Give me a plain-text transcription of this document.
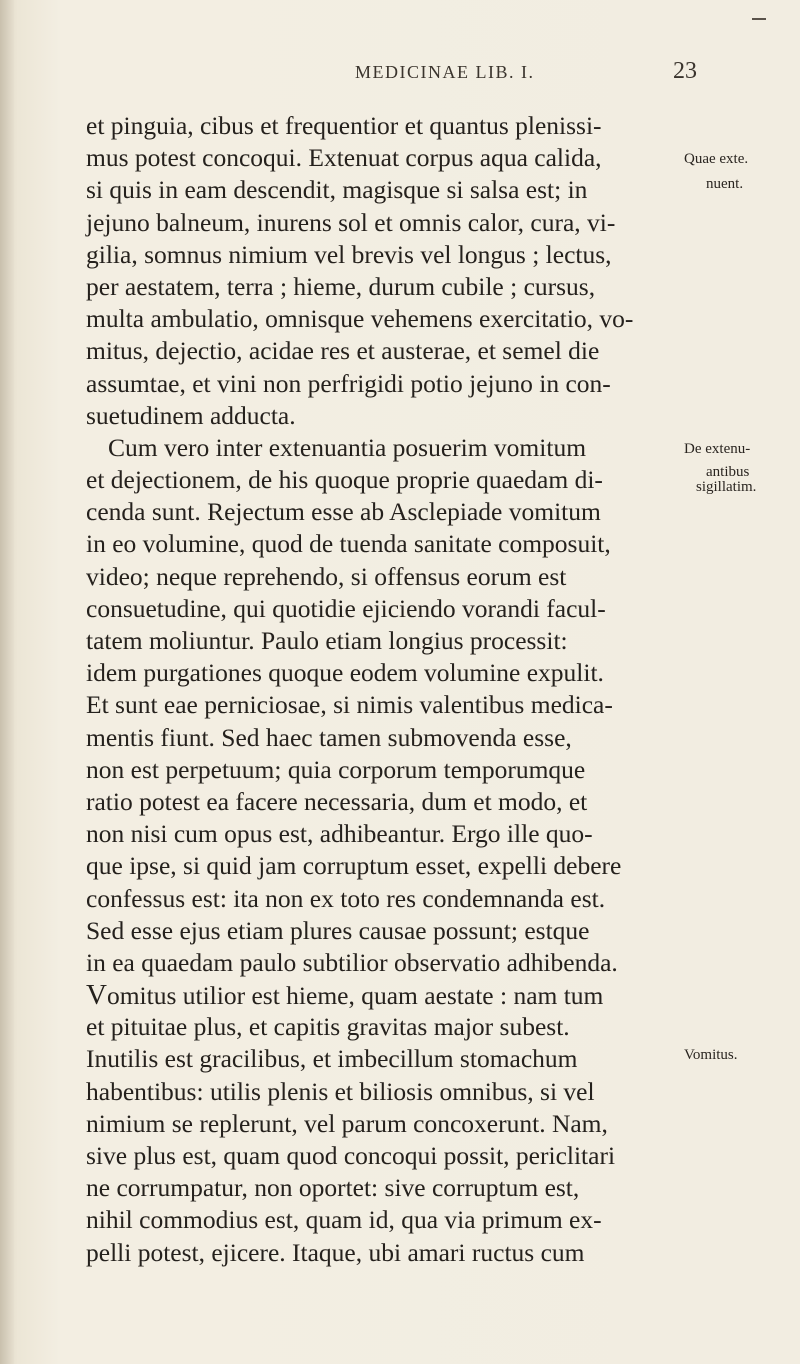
MEDICINAE LIB. I.	23
et pinguia, cibus et frequentior et quantus plenissi-
mus potest concoqui. Extenuat corpus aqua calida,
si quis in eam descendit, magisque si salsa est; in
jejuno balneum, inurens sol et omnis calor, cura, vi-
gilia, somnus nimium vel brevis vel longus ; lectus,
per aestatem, terra ; hieme, durum cubile ; cursus,
multa ambulatio, omnisque vehemens exercitatio, vo-
mitus, dejectio, acidae res et austerae, et semel die
assumtae, et vini non perfrigidi potio jejuno in con-
suetudinem adducta.
Cum vero inter extenuantia posuerim vomitum
et dejectionem, de his quoque proprie quaedam di-
cenda sunt. Rejectum esse ab Asclepiade vomitum
in eo volumine, quod de tuenda sanitate composuit,
video; neque reprehendo, si offensus eorum est
consuetudine, qui quotidie ejiciendo vorandi facul-
tatem moliuntur. Paulo etiam longius processit:
idem purgationes quoque eodem volumine expulit.
Et sunt eae perniciosae, si nimis valentibus medica-
mentis fiunt. Sed haec tamen submovenda esse,
non est perpetuum; quia corporum temporumque
ratio potest ea facere necessaria, dum et modo, et
non nisi cum opus est, adhibeantur. Ergo ille quo-
que ipse, si quid jam corruptum esset, expelli debere
confessus est: ita non ex toto res condemnanda est.
Sed esse ejus etiam plures causae possunt; estque
in ea quaedam paulo subtilior observatio adhibenda.
Vomitus utilior est hieme, quam aestate : nam tum
et pituitae plus, et capitis gravitas major subest.
Inutilis est gracilibus, et imbecillum stomachum
habentibus: utilis plenis et biliosis omnibus, si vel
nimium se replerunt, vel parum concoxerunt. Nam,
sive plus est, quam quod concoqui possit, periclitari
ne corrumpatur, non oportet: sive corruptum est,
nihil commodius est, quam id, qua via primum ex-
pelli potest, ejicere. Itaque, ubi amari ructus cum
Quae exte.
nuent.
De extenu-
antibus
sigillatim.
Vomitus.
